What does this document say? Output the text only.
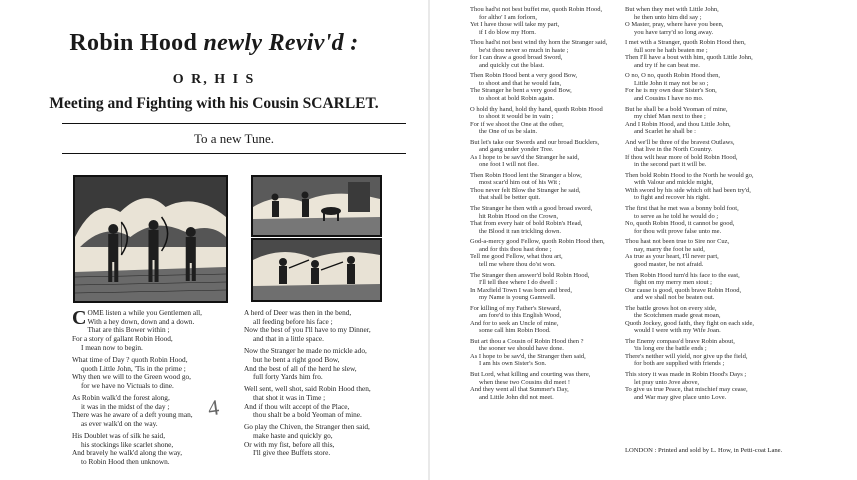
Robin Hood newly Reviv'd :
O R, H I S
Meeting and Fighting with his Cousin SCARLET.
To a new Tune.
COME listen a while you Gentlemen all,
With a hey down, down and a down.
That are this Bower within ;
For a story of gallant Robin Hood,
I mean now to begin.
What time of Day ? quoth Robin Hood,
quoth Little John, 'Tis in the prime ;
Why then we will to the Green wood go,
for we have no Victuals to dine.
As Robin walk'd the forest along,
it was in the midst of the day ;
There was he aware of a deft young man,
as ever walk'd on the way.
His Doublet was of silk he said,
his stockings like scarlet shone,
And bravely he walk'd along the way,
to Robin Hood then unknown.
A herd of Deer was then in the bend,
all feeding before his face ;
Now the best of you I'll have to my Dinner,
and that in a little space.
Now the Stranger he made no mickle ado,
but he bent a right good Bow,
And the best of all of the herd he slew,
full forty Yards him fro.
Well sent, well shot, said Robin Hood then,
that shot it was in Time ;
And if thou wilt accept of the Place,
thou shalt be a bold Yeoman of mine.
Go play the Chiven, the Stranger then said,
make haste and quickly go,
Or with my fist, before all this,
I'll give thee Buffets store.
4
Thou had'st not best buffet me, quoth Robin Hood,
for altho' I am forlorn,
Yet I have those will take my part,
if I do blow my Horn.
Thou had'st not best wind thy horn the Stranger said,
be'st thou never so much in haste ;
for I can draw a good broad Sword,
and quickly cut the blast.
Then Robin Hood bent a very good Bow,
to shoot and that he would fain,
The Stranger he bent a very good Bow,
to shoot at bold Robin again.
O hold thy hand, hold thy hand, quoth Robin Hood
to shoot it would be in vain ;
For if we shoot the One at the other,
the One of us be slain.
But let's take our Swords and our broad Bucklers,
and gang under yonder Tree.
As I hope to be sav'd the Stranger he said,
one foot I will not flee.
Then Robin Hood lent the Stranger a blow,
most scar'd him out of his Wit ;
Thou never felt Blow the Stranger he said,
that shall be better quit.
The Stranger he then with a good broad sword,
hit Robin Hood on the Crown,
That from every hair of bold Robin's Head,
the Blood it ran trickling down.
God-a-mercy good Fellow, quoth Robin Hood then,
and for this thou hast done ;
Tell me good Fellow, what thou art,
tell me where thou do'st won.
The Stranger then answer'd bold Robin Hood,
I'll tell thee where I do dwell :
In Maxfield Town I was born and bred,
my Name is young Gamwell.
For killing of my Father's Steward,
am fore'd to this English Wood,
And for to seek an Uncle of mine,
some call him Robin Hood.
But art thou a Cousin of Robin Hood then ?
the sooner we should have done.
As I hope to be sav'd, the Stranger then said,
I am his own Sister's Son.
But Lord, what killing and courting was there,
when these two Cousins did meet !
And they went all that Summer's Day,
and Little John did not meet.
But when they met with Little John,
he then unto him did say ;
O Master, pray, where have you been,
you have tarry'd so long away.
I met with a Stranger, quoth Robin Hood then,
full sore he hath beaten me ;
Then I'll have a bout with him, quoth Little John,
and try if he can beat me.
O no, O no, quoth Robin Hood then,
Little John it may not be so ;
For he is my own dear Sister's Son,
and Cousins I have no mo.
But he shall be a bold Yeoman of mine,
my chief Man next to thee ;
And I Robin Hood, and thou Little John,
and Scarlet he shall be :
And we'll be three of the bravest Outlaws,
that live in the North Country.
If thou wilt hear more of bold Robin Hood,
in the second part it will be.
Then bold Robin Hood to the North he would go,
with Valour and mickle might,
With sword by his side which oft had been try'd,
to fight and recover his right.
The first that he met was a bonny bold foot,
to serve as he told he would do ;
No, quoth Robin Hood, it cannot be good,
for thou wilt prove false unto me.
Thou hast not been true to Sire nor Cuz,
nay, marry the foot he said,
As true as your heart, I'll never part,
good master, be not afraid.
Then Robin Hood turn'd his face to the east,
fight on my merry men stout ;
Our cause is good, quoth brave Robin Hood,
and we shall not be beaten out.
The battle grows hot on every side,
the Scotchmen made great moan,
Quoth Jockey, good faith, they fight on each side,
would I were with my Wife Joan.
The Enemy compass'd brave Robin about,
'tis long ere the battle ends ;
There's neither will yield, nor give up the field,
for both are supplied with friends ;
This story it was made in Robin Hood's Days ;
let pray unto Jove above,
To give us true Peace, that mischief may cease,
and War may give place unto Love.
LONDON : Printed and sold by L. How, in Petti-coat Lane.
